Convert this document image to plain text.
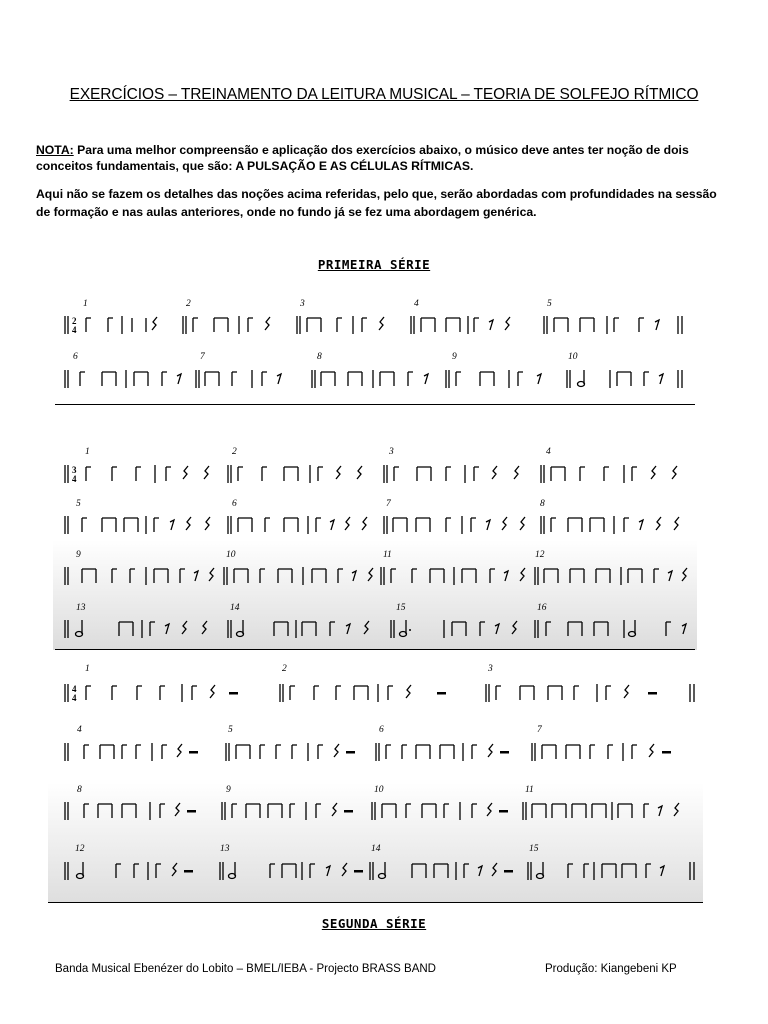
EXERCÍCIOS – TREINAMENTO DA LEITURA MUSICAL – TEORIA DE SOLFEJO RÍTMICO
NOTA: Para uma melhor compreensão e aplicação dos exercícios abaixo, o músico deve antes ter noção de dois conceitos fundamentais, que são: A PULSAÇÃO E AS CÉLULAS RÍTMICAS.
Aqui não se fazem os detalhes das noções acima referidas, pelo que, serão abordadas com profundidades na sessão de formação e nas aulas anteriores, onde no fundo já se fez uma abordagem genérica.
PRIMEIRA SÉRIE
1	2	3	4	5
2
4
6	7	8	9	10
1	2	3	4
3
4
5	6	7	8
9	10	11	12
13	14	15	16
1	2	3
4
4
4	5	6	7
8	9	10	11
12	13	14	15
SEGUNDA SÉRIE
Banda Musical Ebenézer do Lobito – BMEL/IEBA - Projecto BRASS BAND	Produção: Kiangebeni KP
